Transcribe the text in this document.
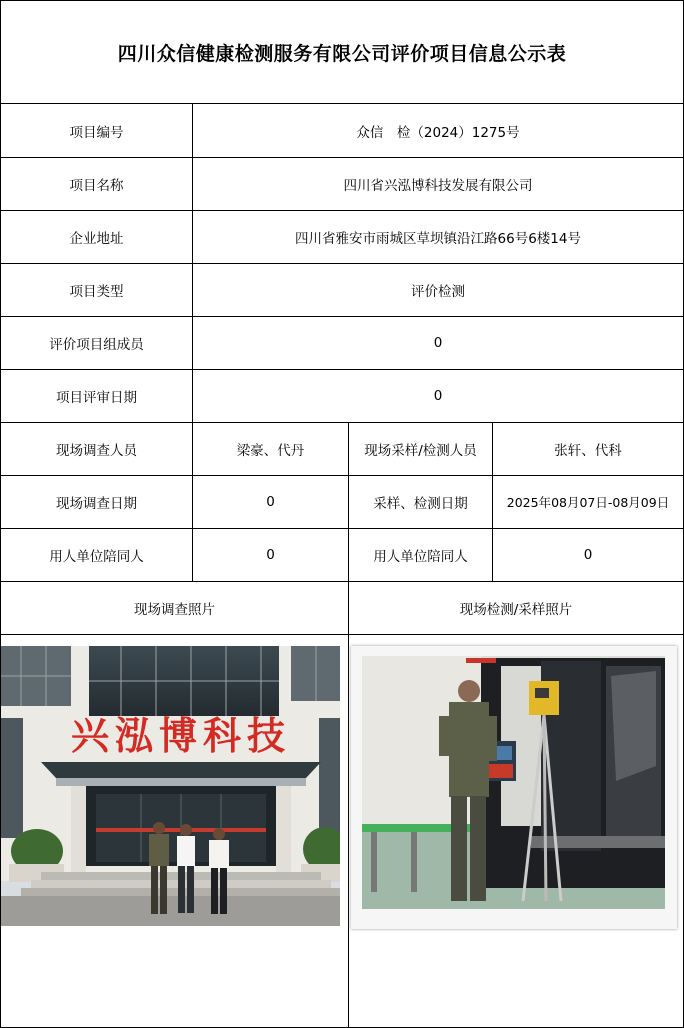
四川众信健康检测服务有限公司评价项目信息公示表
项目编号	众信　检（2024）1275号
项目名称	四川省兴泓博科技发展有限公司
企业地址	四川省雅安市雨城区草坝镇沿江路66号6楼14号
项目类型	评价检测
评价项目组成员	0
项目评审日期	0
现场调查人员	梁豪、代丹	现场采样/检测人员	张轩、代科
现场调查日期	0	采样、检测日期	2025年08月07日-08月09日
用人单位陪同人	0	用人单位陪同人	0
现场调查照片	现场检测/采样照片
兴泓博科技
